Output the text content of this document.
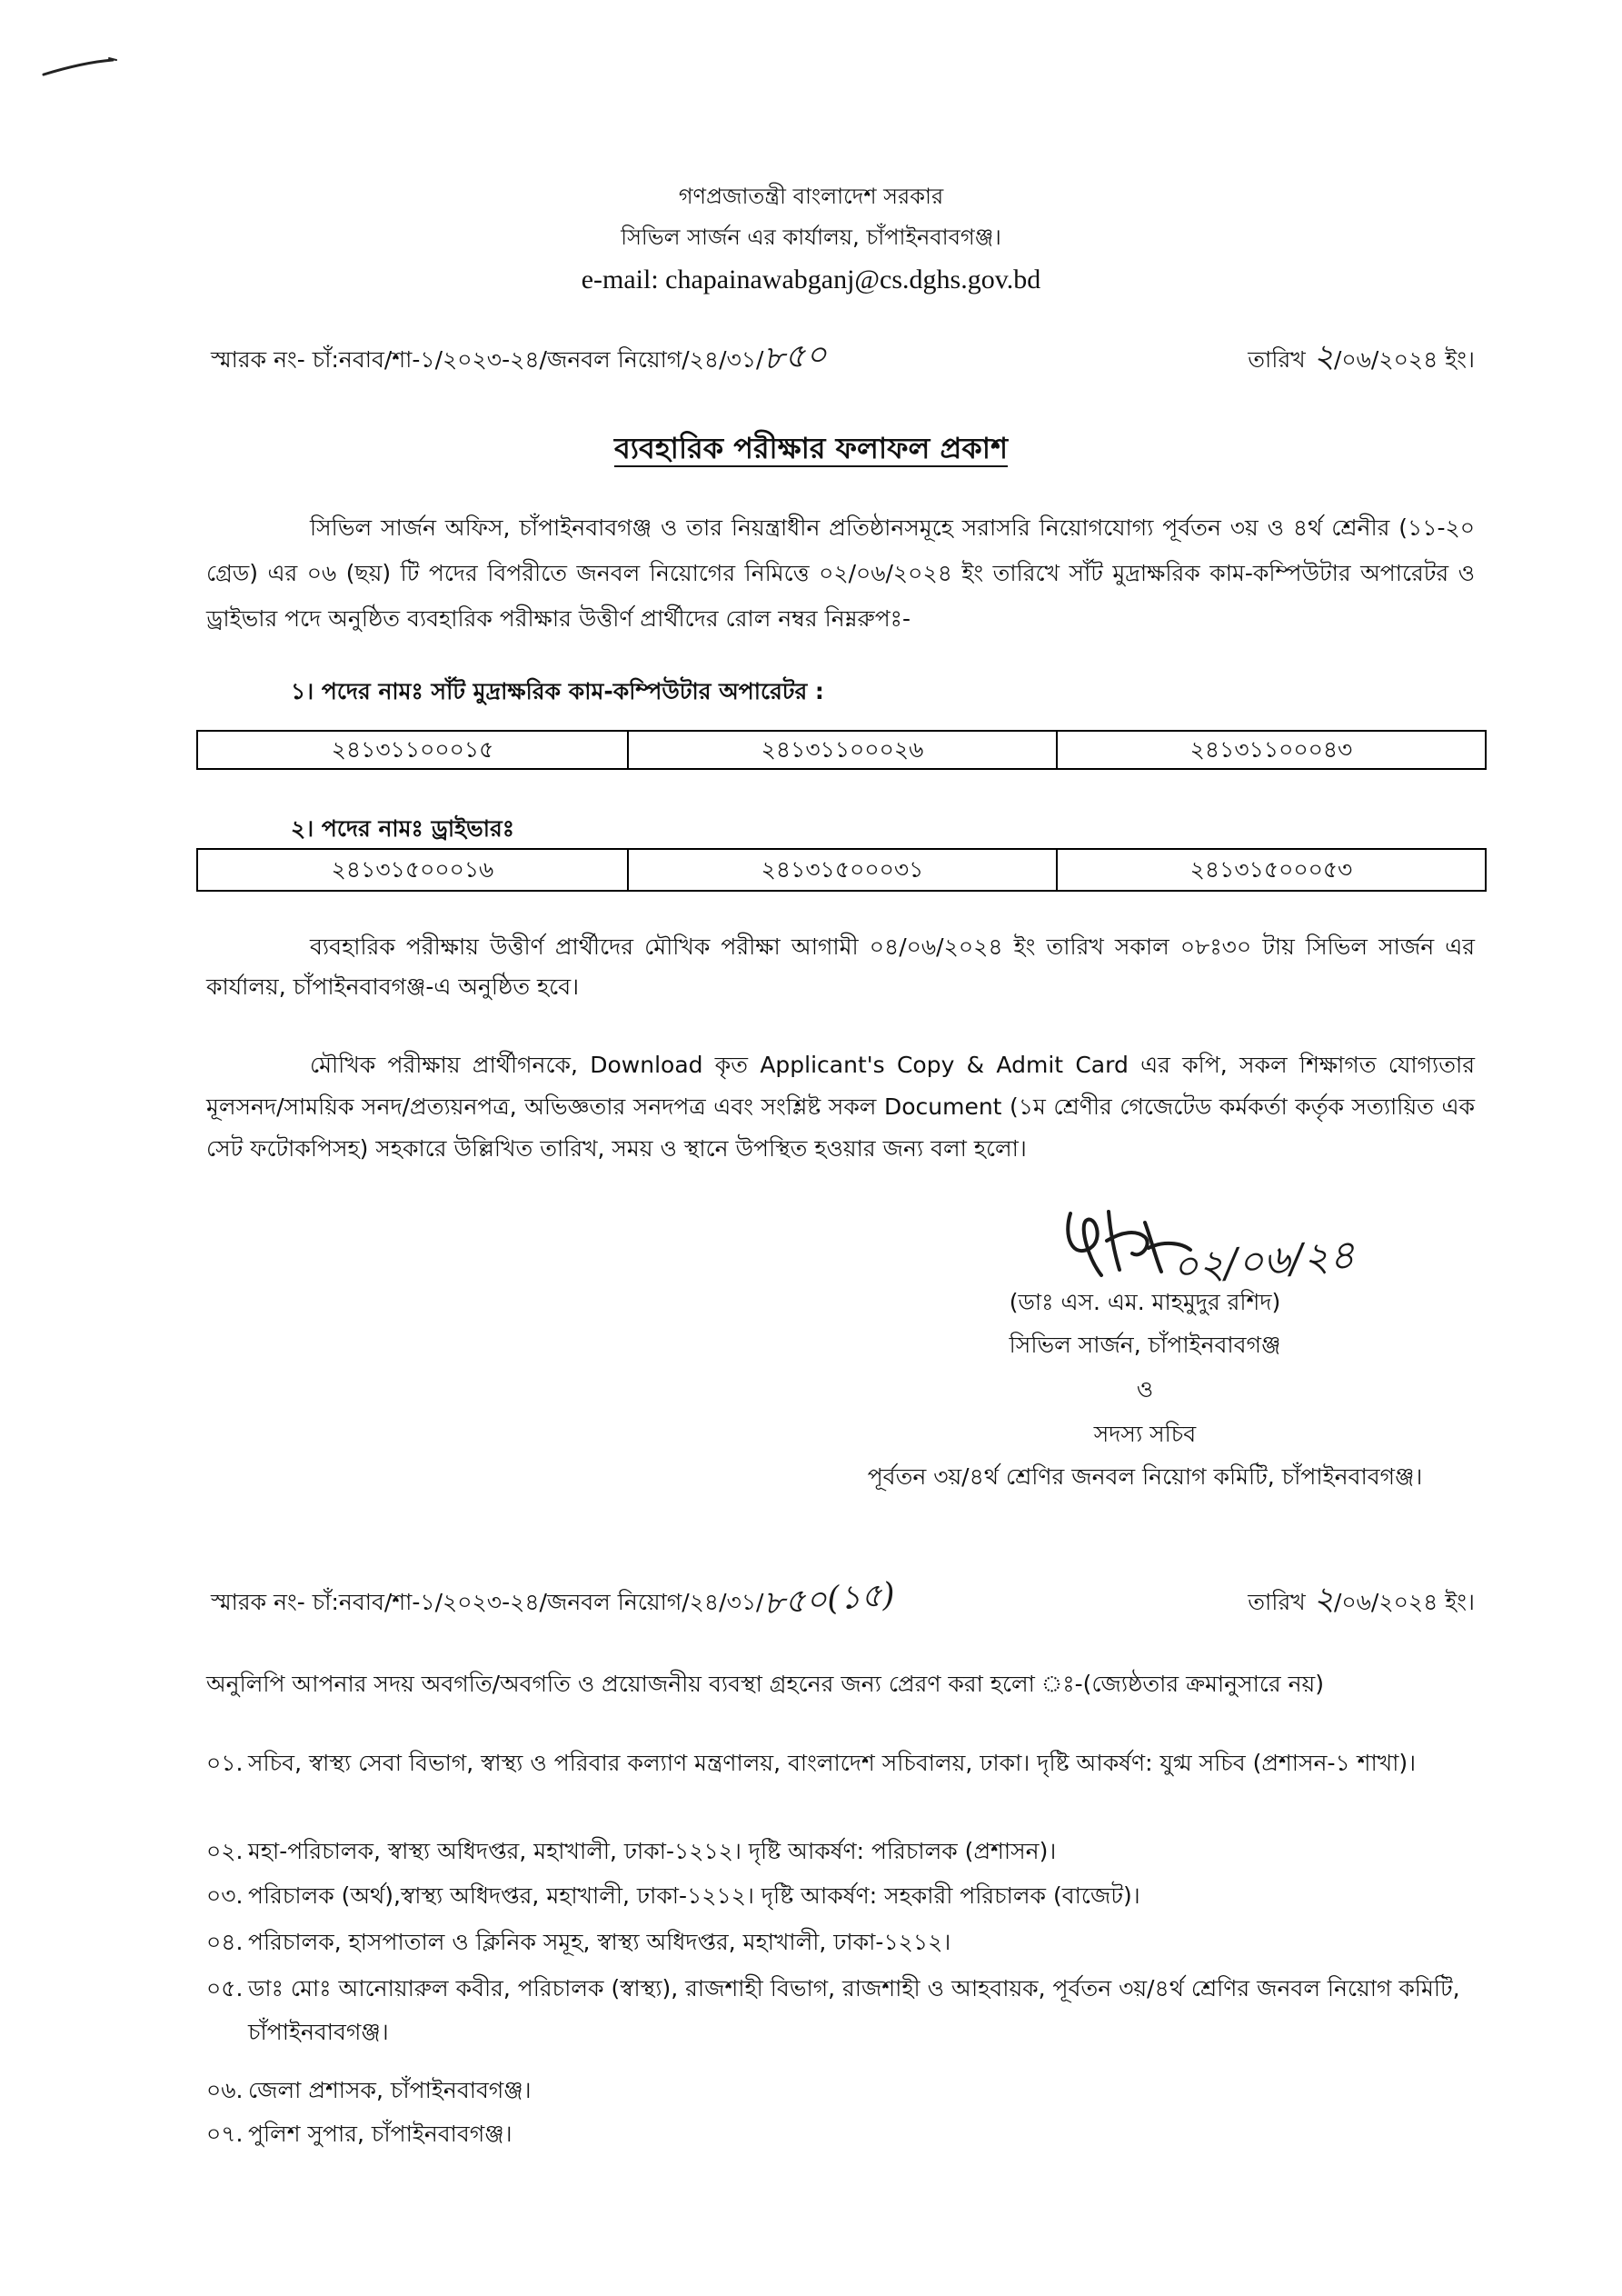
গণপ্রজাতন্ত্রী বাংলাদেশ সরকার
সিভিল সার্জন এর কার্যালয়, চাঁপাইনবাবগঞ্জ।
e-mail: chapainawabganj@cs.dghs.gov.bd
স্মারক নং- চাঁ:নবাব/শা-১/২০২৩-২৪/জনবল নিয়োগ/২৪/৩১/৮৫০	তারিখ ২/০৬/২০২৪ ইং।
ব্যবহারিক পরীক্ষার ফলাফল প্রকাশ
সিভিল সার্জন অফিস, চাঁপাইনবাবগঞ্জ ও তার নিয়ন্ত্রাধীন প্রতিষ্ঠানসমূহে সরাসরি নিয়োগযোগ্য পূর্বতন ৩য় ও ৪র্থ শ্রেনীর (১১-২০ গ্রেড) এর ০৬ (ছয়) টি পদের বিপরীতে জনবল নিয়োগের নিমিত্তে ০২/০৬/২০২৪ ইং তারিখে সাঁট মুদ্রাক্ষরিক কাম-কম্পিউটার অপারেটর ও ড্রাইভার পদে অনুষ্ঠিত ব্যবহারিক পরীক্ষার উত্তীর্ণ প্রার্থীদের রোল নম্বর নিম্নরুপঃ-
১। পদের নামঃ সাঁট মুদ্রাক্ষরিক কাম-কম্পিউটার অপারেটর :
২৪১৩১১০০০১৫	২৪১৩১১০০০২৬	২৪১৩১১০০০৪৩
২। পদের নামঃ ড্রাইভারঃ
২৪১৩১৫০০০১৬	২৪১৩১৫০০০৩১	২৪১৩১৫০০০৫৩
ব্যবহারিক পরীক্ষায় উত্তীর্ণ প্রার্থীদের মৌখিক পরীক্ষা আগামী ০৪/০৬/২০২৪ ইং তারিখ সকাল ০৮ঃ৩০ টায় সিভিল সার্জন এর কার্যালয়, চাঁপাইনবাবগঞ্জ-এ অনুষ্ঠিত হবে।
মৌখিক পরীক্ষায় প্রার্থীগনকে, Download কৃত Applicant's Copy & Admit Card এর কপি, সকল শিক্ষাগত যোগ্যতার মূলসনদ/সাময়িক সনদ/প্রত্যয়নপত্র, অভিজ্ঞতার সনদপত্র এবং সংশ্লিষ্ট সকল Document (১ম শ্রেণীর গেজেটেড কর্মকর্তা কর্তৃক সত্যায়িত এক সেট ফটোকপিসহ) সহকারে উল্লিখিত তারিখ, সময় ও স্থানে উপস্থিত হওয়ার জন্য বলা হলো।
০২/০৬/২৪
(ডাঃ এস. এম. মাহমুদুর রশিদ)
সিভিল সার্জন, চাঁপাইনবাবগঞ্জ
ও
সদস্য সচিব
পূর্বতন ৩য়/৪র্থ শ্রেণির জনবল নিয়োগ কমিটি, চাঁপাইনবাবগঞ্জ।
স্মারক নং- চাঁ:নবাব/শা-১/২০২৩-২৪/জনবল নিয়োগ/২৪/৩১/৮৫০(১৫)	তারিখ ২/০৬/২০২৪ ইং।
অনুলিপি আপনার সদয় অবগতি/অবগতি ও প্রয়োজনীয় ব্যবস্থা গ্রহনের জন্য প্রেরণ করা হলো ঃ-(জ্যেষ্ঠতার ক্রমানুসারে নয়)
০১. সচিব, স্বাস্থ্য সেবা বিভাগ, স্বাস্থ্য ও পরিবার কল্যাণ মন্ত্রণালয়, বাংলাদেশ সচিবালয়, ঢাকা। দৃষ্টি আকর্ষণ: যুগ্ম সচিব (প্রশাসন-১ শাখা)।
০২. মহা-পরিচালক, স্বাস্থ্য অধিদপ্তর, মহাখালী, ঢাকা-১২১২। দৃষ্টি আকর্ষণ: পরিচালক (প্রশাসন)।
০৩. পরিচালক (অর্থ),স্বাস্থ্য অধিদপ্তর, মহাখালী, ঢাকা-১২১২। দৃষ্টি আকর্ষণ: সহকারী পরিচালক (বাজেট)।
০৪. পরিচালক, হাসপাতাল ও ক্লিনিক সমূহ, স্বাস্থ্য অধিদপ্তর, মহাখালী, ঢাকা-১২১২।
০৫. ডাঃ মোঃ আনোয়ারুল কবীর, পরিচালক (স্বাস্থ্য), রাজশাহী বিভাগ, রাজশাহী ও আহবায়ক, পূর্বতন ৩য়/৪র্থ শ্রেণির জনবল নিয়োগ কমিটি, চাঁপাইনবাবগঞ্জ।
০৬. জেলা প্রশাসক, চাঁপাইনবাবগঞ্জ।
০৭. পুলিশ সুপার, চাঁপাইনবাবগঞ্জ।
